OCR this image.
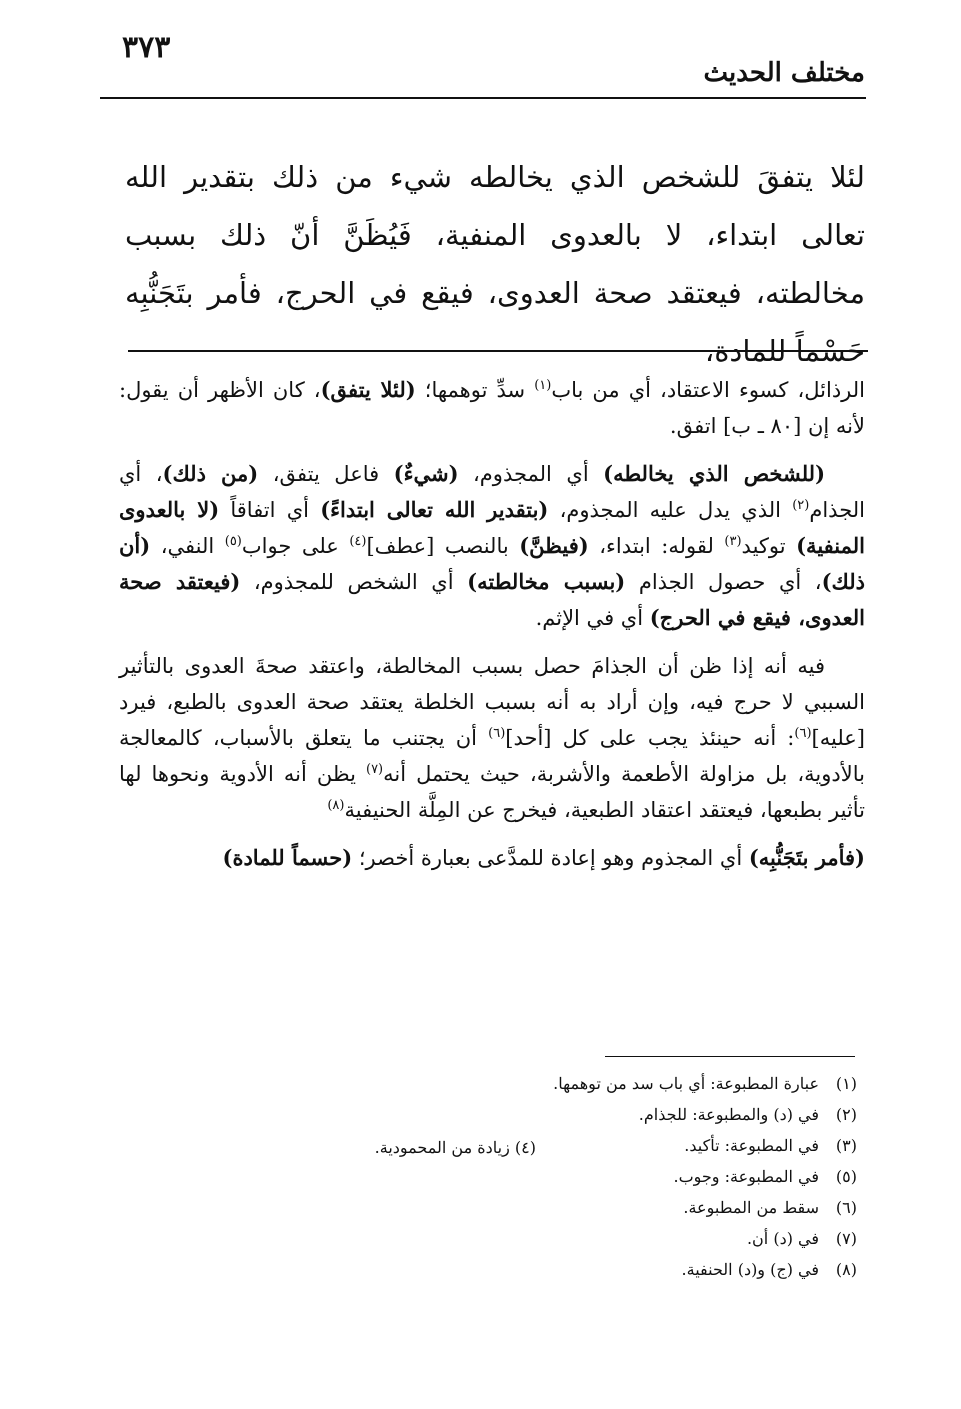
٣٧٣
مختلف الحديث
لئلا يتفقَ للشخص الذي يخالطه شيء من ذلك بتقدير الله تعالى ابتداء، لا بالعدوى المنفية، فَيُظَنَّ أنّ ذلك بسبب مخالطته، فيعتقد صحة العدوى، فيقع في الحرج، فأمر بتَجَنُّبِه حَسْماً للمادة،

الرذائل، كسوء الاعتقاد، أي من باب$^{(١)}$ سدِّ توهمها؛ (لئلا يتفق)، كان الأظهر أن يقول: لأنه إن [٨٠ ـ ب] اتفق.

(للشخص الذي يخالطه) أي المجذوم، (شيءٌ) فاعل يتفق، (من ذلك)، أي الجذام$^{(٢)}$ الذي يدل عليه المجذوم، (بتقدير الله تعالى ابتداءً) أي اتفاقاً (لا بالعدوى المنفية) توكيد$^{(٣)}$ لقوله: ابتداء، (فيظنَّ) بالنصب [عطف]$^{(٤)}$ على جواب$^{(٥)}$ النفي، (أن ذلك)، أي حصول الجذام (بسبب مخالطته) أي الشخص للمجذوم، (فيعتقد صحة العدوى، فيقع في الحرج) أي في الإثم.

فيه أنه إذا ظن أن الجذامَ حصل بسبب المخالطة، واعتقد صحةَ العدوى بالتأثير السببي لا حرج فيه، وإن أراد به أنه بسبب الخلطة يعتقد صحة العدوى بالطبع، فيرد [عليه]$^{(٦)}$: أنه حينئذ يجب على كل [أحد]$^{(٦)}$ أن يجتنب ما يتعلق بالأسباب، كالمعالجة بالأدوية، بل مزاولة الأطعمة والأشربة، حيث يحتمل أنه$^{(٧)}$ يظن أنه الأدوية ونحوها لها تأثير بطبعها، فيعتقد اعتقاد الطبعية، فيخرج عن المِلَّة الحنيفية$^{(٨)}$

(فأمر بتَجَنُّبِه) أي المجذوم وهو إعادة للمدَّعى بعبارة أخصر؛ (حسماً للمادة)

(١)
عبارة المطبوعة: أي باب سد من توهمها.
(٢)
في (د) والمطبوعة: للجذام.
(٣)
في المطبوعة: تأكيد.
(٥)
في المطبوعة: وجوب.
(٦)
سقط من المطبوعة.
(٧)
في (د) أن.
(٨)
في (ج) و(د) الحنفية.
(٤) زيادة من المحمودية.
